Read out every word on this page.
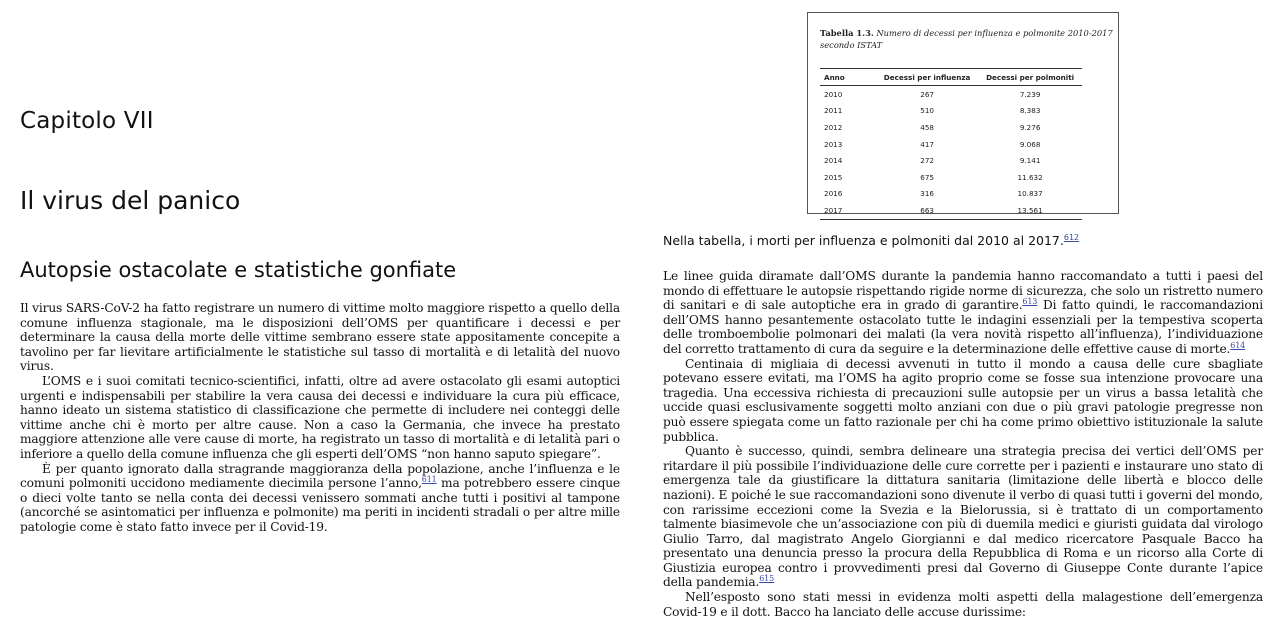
Capitolo VII
Il virus del panico
Autopsie ostacolate e statistiche gonfiate

Il virus SARS-CoV-2 ha fatto registrare un numero di vittime molto maggiore rispetto a quello della comune influenza stagionale, ma le disposizioni dell’OMS per quantificare i decessi e per determinare la causa della morte delle vittime sembrano essere state appositamente concepite a tavolino per far lievitare artificialmente le statistiche sul tasso di mortalità e di letalità del nuovo virus.

L’OMS e i suoi comitati tecnico-scientifici, infatti, oltre ad avere ostacolato gli esami autoptici urgenti e indispensabili per stabilire la vera causa dei decessi e individuare la cura più efficace, hanno ideato un sistema statistico di classificazione che permette di includere nei conteggi delle vittime anche chi è morto per altre cause. Non a caso la Germania, che invece ha prestato maggiore attenzione alle vere cause di morte, ha registrato un tasso di mortalità e di letalità pari o inferiore a quello della comune influenza che gli esperti dell’OMS “non hanno saputo spiegare”.

È per quanto ignorato dalla stragrande maggioranza della popolazione, anche l’influenza e le comuni polmoniti uccidono mediamente diecimila persone l’anno,$^{611}$ ma potrebbero essere cinque o dieci volte tanto se nella conta dei decessi venissero sommati anche tutti i positivi al tampone (ancorché se asintomatici per influenza e polmonite) ma periti in incidenti stradali o per altre mille patologie come è stato fatto invece per il Covid-19.

Tabella 1.3. Numero di decessi per influenza e polmonite 2010-2017 secondo ISTAT
Anno	Decessi per influenza	Decessi per polmoniti
2010	267	7.239
2011	510	8.383
2012	458	9.276
2013	417	9.068
2014	272	9.141
2015	675	11.632
2016	316	10.837
2017	663	13.561
Nella tabella, i morti per influenza e polmoniti dal 2010 al 2017.$^{612}$

Le linee guida diramate dall’OMS durante la pandemia hanno raccomandato a tutti i paesi del mondo di effettuare le autopsie rispettando rigide norme di sicurezza, che solo un ristretto numero di sanitari e di sale autoptiche era in grado di garantire.$^{613}$ Di fatto quindi, le raccomandazioni dell’OMS hanno pesantemente ostacolato tutte le indagini essenziali per la tempestiva scoperta delle tromboembolie polmonari dei malati (la vera novità rispetto all’influenza), l’individuazione del corretto trattamento di cura da seguire e la determinazione delle effettive cause di morte.$^{614}$

Centinaia di migliaia di decessi avvenuti in tutto il mondo a causa delle cure sbagliate potevano essere evitati, ma l’OMS ha agito proprio come se fosse sua intenzione provocare una tragedia. Una eccessiva richiesta di precauzioni sulle autopsie per un virus a bassa letalità che uccide quasi esclusivamente soggetti molto anziani con due o più gravi patologie pregresse non può essere spiegata come un fatto razionale per chi ha come primo obiettivo istituzionale la salute pubblica.

Quanto è successo, quindi, sembra delineare una strategia precisa dei vertici dell’OMS per ritardare il più possibile l’individuazione delle cure corrette per i pazienti e instaurare uno stato di emergenza tale da giustificare la dittatura sanitaria (limitazione delle libertà e blocco delle nazioni). E poiché le sue raccomandazioni sono divenute il verbo di quasi tutti i governi del mondo, con rarissime eccezioni come la Svezia e la Bielorussia, si è trattato di un comportamento talmente biasimevole che un’associazione con più di duemila medici e giuristi guidata dal virologo Giulio Tarro, dal magistrato Angelo Giorgianni e dal medico ricercatore Pasquale Bacco ha presentato una denuncia presso la procura della Repubblica di Roma e un ricorso alla Corte di Giustizia europea contro i provvedimenti presi dal Governo di Giuseppe Conte durante l’apice della pandemia.$^{615}$

Nell’esposto sono stati messi in evidenza molti aspetti della malagestione dell’emergenza Covid-19 e il dott. Bacco ha lanciato delle accuse durissime:
